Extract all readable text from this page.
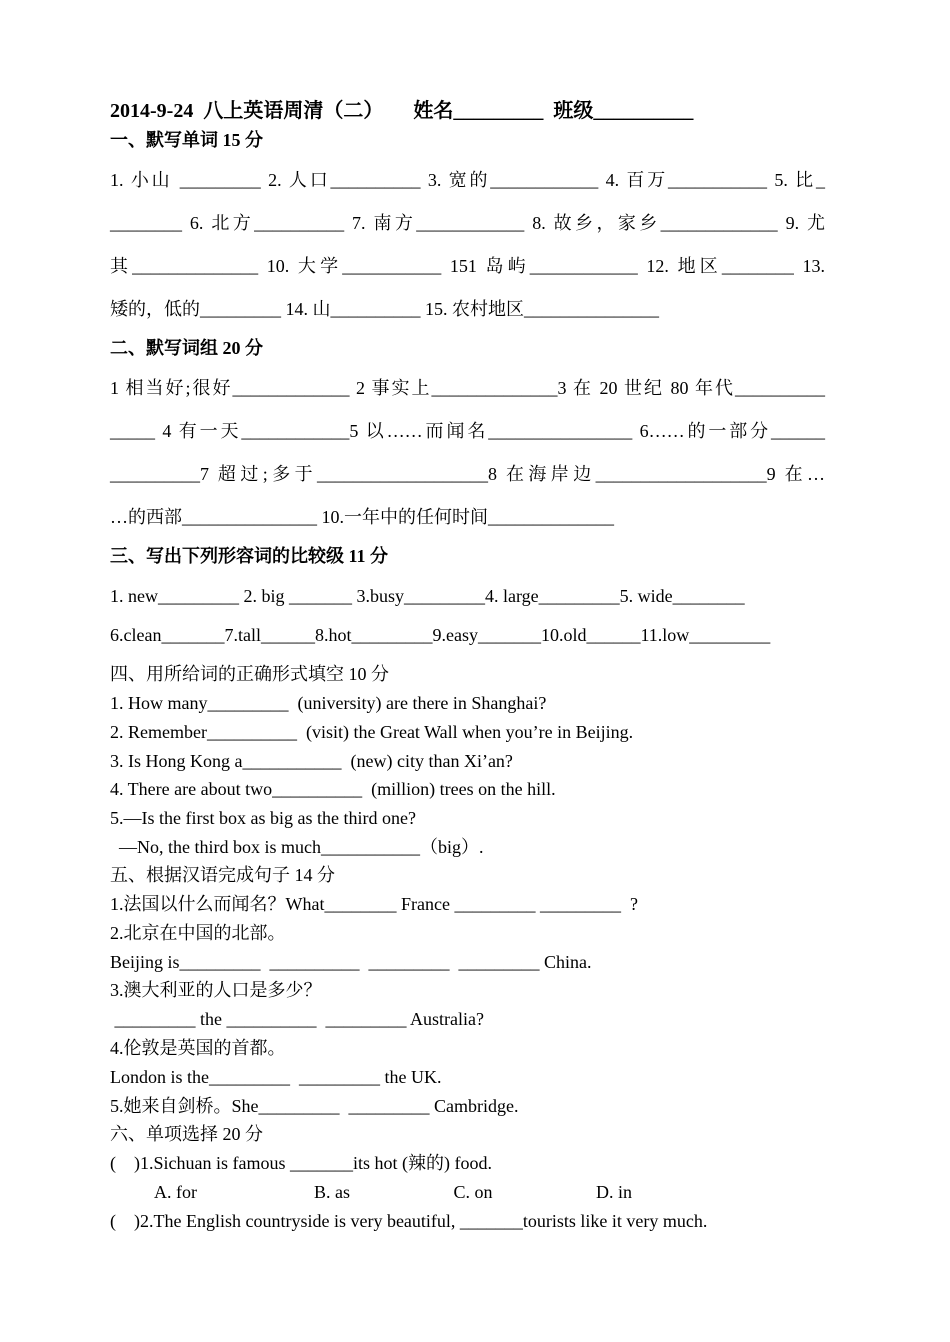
2014-9-24  八上英语周清（二）      姓名_________  班级__________
一、默写单词 15 分
1. 小山 _________ 2. 人口__________ 3. 宽的____________ 4. 百万___________ 5. 比_
________ 6. 北方__________ 7. 南方____________ 8. 故乡，家乡_____________ 9. 尤
其______________ 10. 大学___________ 151 岛屿____________ 12. 地区________ 13.
矮的，低的_________ 14. 山__________ 15. 农村地区_______________
二、默写词组 20 分
1 相当好;很好_____________ 2 事实上______________3 在 20 世纪 80 年代__________
_____ 4 有一天____________5 以……而闻名________________ 6……的一部分______
__________7 超过;多于___________________8 在海岸边___________________9 在…
…的西部_______________ 10.一年中的任何时间______________
三、写出下列形容词的比较级 11 分
1. new_________ 2. big _______ 3.busy_________4. large_________5. wide________
6.clean_______7.tall______8.hot_________9.easy_______10.old______11.low_________
四、用所给词的正确形式填空 10 分
1. How many_________  (university) are there in Shanghai?
2. Remember__________  (visit) the Great Wall when you’re in Beijing.
3. Is Hong Kong a___________  (new) city than Xi’an?
4. There are about two__________  (million) trees on the hill.
5.—Is the first box as big as the third one?
—No, the third box is much___________（big）.
五、根据汉语完成句子 14 分
1.法国以什么而闻名？What________ France _________ _________  ?
2.北京在中国的北部。
Beijing is_________  __________  _________  _________ China.
3.澳大利亚的人口是多少？
_________ the __________  _________ Australia?
4.伦敦是英国的首都。
London is the_________  _________ the UK.
5.她来自剑桥。She_________  _________ Cambridge.
六、单项选择 20 分
(    )1.Sichuan is famous _______its hot (辣的) food.
A. for                          B. as                       C. on                       D. in
(    )2.The English countryside is very beautiful, _______tourists like it very much.
